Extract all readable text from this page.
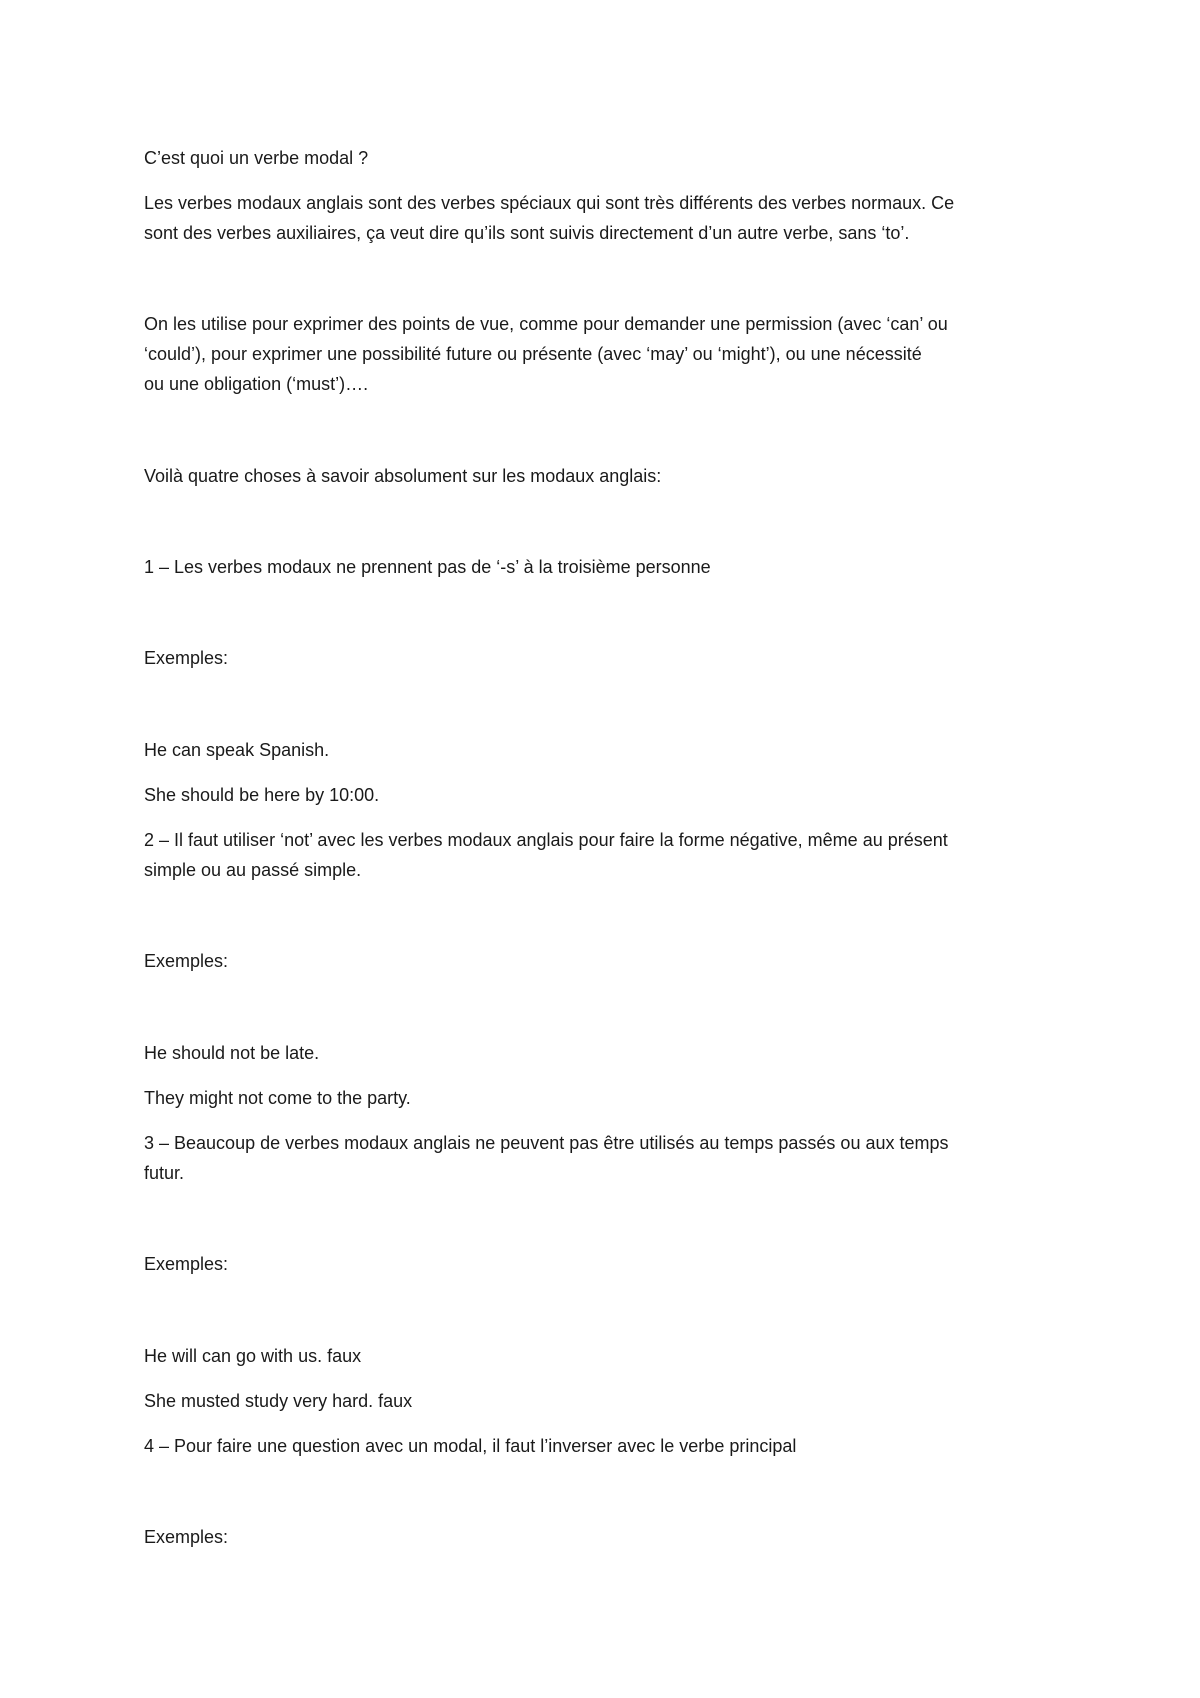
C’est quoi un verbe modal ?

Les verbes modaux anglais sont des verbes spéciaux qui sont très différents des verbes normaux. Ce

sont des verbes auxiliaires, ça veut dire qu’ils sont suivis directement d’un autre verbe, sans ‘to’.

On les utilise pour exprimer des points de vue, comme pour demander une permission (avec ‘can’ ou

‘could’), pour exprimer une possibilité future ou présente (avec ‘may’ ou ‘might’), ou une nécessité

ou une obligation (‘must’)….

Voilà quatre choses à savoir absolument sur les modaux anglais:

1 – Les verbes modaux ne prennent pas de ‘-s’ à la troisième personne

Exemples:

He can speak Spanish.

She should be here by 10:00.

2 – Il faut utiliser ‘not’ avec les verbes modaux anglais pour faire la forme négative, même au présent

simple ou au passé simple.

Exemples:

He should not be late.

They might not come to the party.

3 – Beaucoup de verbes modaux anglais ne peuvent pas être utilisés au temps passés ou aux temps

futur.

Exemples:

He will can go with us. faux

She musted study very hard. faux

4 – Pour faire une question avec un modal, il faut l’inverser avec le verbe principal

Exemples:
